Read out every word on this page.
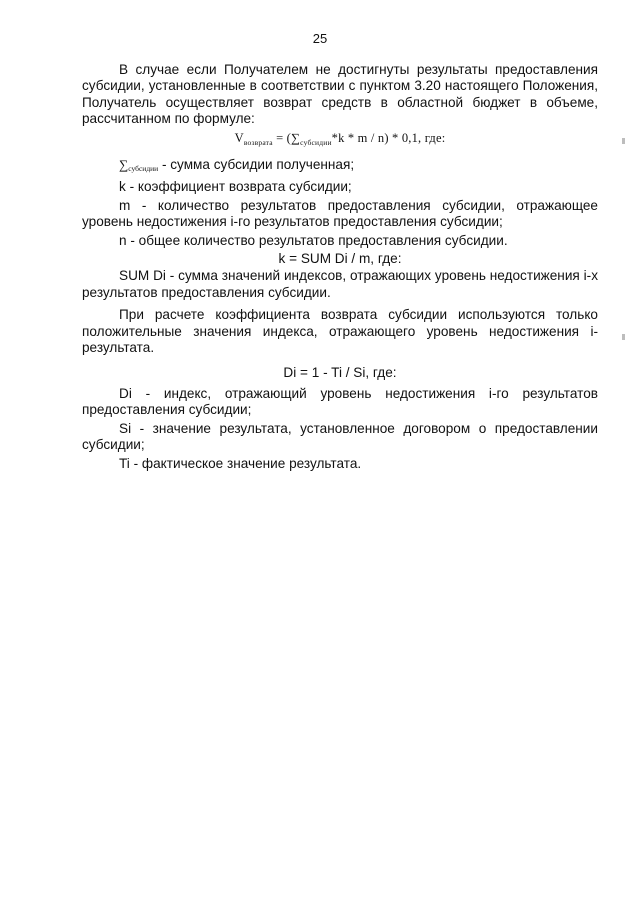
25

В случае если Получателем не достигнуты результаты предоставления субсидии, установленные в соответствии с пунктом 3.20 настоящего Положения, Получатель осуществляет возврат средств в областной бюджет в объеме, рассчитанном по формуле:

$V_{возврата} = (\sum_{субсидии}*k * m / n) * 0,1$, где:
$\sum_{субсидии}$ - сумма субсидии полученная;
k - коэффициент возврата субсидии;
m - количество результатов предоставления субсидии, отражающее уровень недостижения i-го результатов предоставления субсидии;
n - общее количество результатов предоставления субсидии.
k = SUM Di / m, где:

SUM Di - сумма значений индексов, отражающих уровень недостижения i-х результатов предоставления субсидии.

При расчете коэффициента возврата субсидии используются только положительные значения индекса, отражающего уровень недостижения i-результата.

Di = 1 - Ti / Si, где:
Di - индекс, отражающий уровень недостижения i-го результатов предоставления субсидии;
Si - значение результата, установленное договором о предоставлении субсидии;
Ti - фактическое значение результата.
